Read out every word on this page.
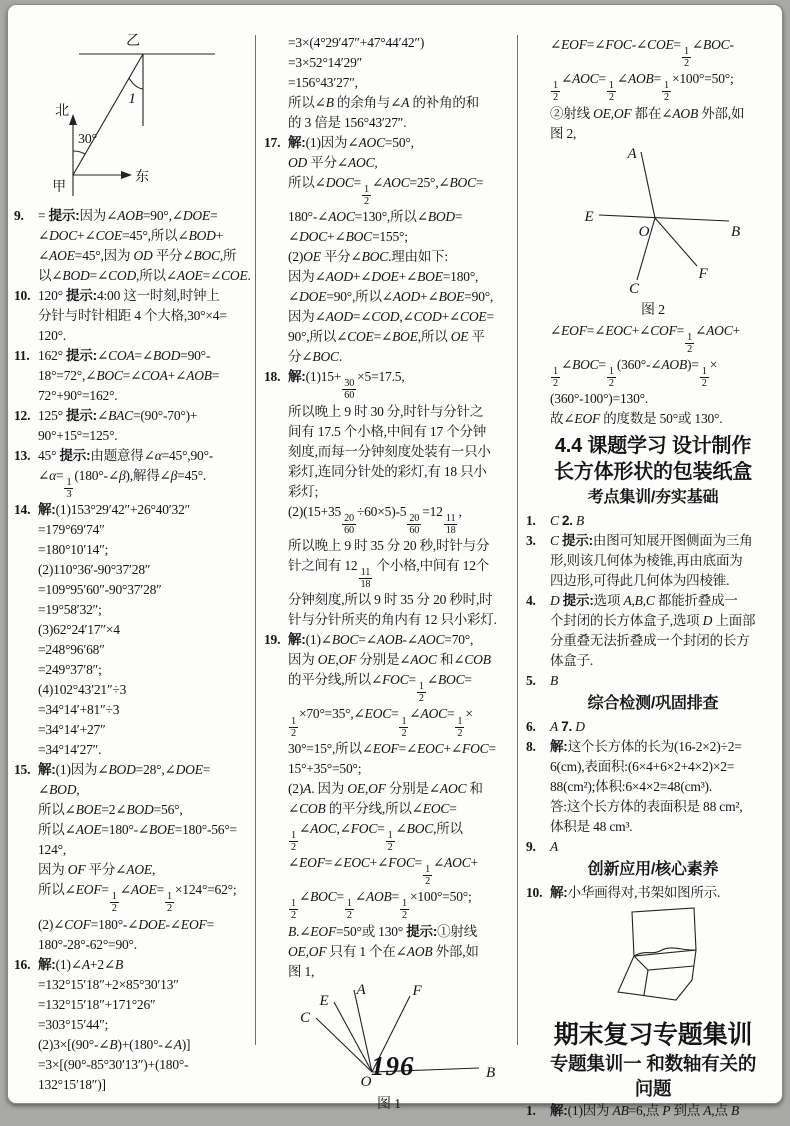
乙
1
北
30°
东
甲
9. = 提示:因为∠AOB=90°,∠DOE=
∠DOC+∠COE=45°,所以∠BOD+
∠AOE=45°,因为 OD 平分∠BOC,所
以∠BOD=∠COD,所以∠AOE=∠COE.
10. 120° 提示:4:00 这一时刻,时钟上
分针与时针相距 4 个大格,30°×4=
120°.
11. 162° 提示:∠COA=∠BOD=90°-
18°=72°,∠BOC=∠COA+∠AOB=
72°+90°=162°.
12. 125° 提示:∠BAC=(90°-70°)+
90°+15°=125°.
13. 45° 提示:由题意得∠α=45°,90°-
∠α=
$\frac{1}{3}$
(180°-∠β),解得∠β=45°.
14. 解:(1)153°29′42″+26°40′32″
=179°69′74″
=180°10′14″;
(2)110°36′-90°37′28″
=109°95′60″-90°37′28″
=19°58′32″;
(3)62°24′17″×4
=248°96′68″
=249°37′8″;
(4)102°43′21″÷3
=34°14′+81″÷3
=34°14′+27″
=34°14′27″.
15. 解:(1)因为∠BOD=28°,∠DOE=
∠BOD,
所以∠BOE=2∠BOD=56°,
所以∠AOE=180°-∠BOE=180°-56°=
124°,
因为 OF 平分∠AOE,
所以∠EOF=
$\frac{1}{2}$
∠AOE=
$\frac{1}{2}$
×124°=62°;
(2)∠COF=180°-∠DOE-∠EOF=
180°-28°-62°=90°.
16. 解:(1)∠A+2∠B
=132°15′18″+2×85°30′13″
=132°15′18″+171°26″
=303°15′44″;
(2)3×[(90°-∠B)+(180°-∠A)]
=3×[(90°-85°30′13″)+(180°-
132°15′18″)]
=3×(4°29′47″+47°44′42″)
=3×52°14′29″
=156°43′27″,
所以∠B 的余角与∠A 的补角的和
的 3 倍是 156°43′27″.
17. 解:(1)因为∠AOC=50°,
OD 平分∠AOC,
所以∠DOC=
$\frac{1}{2}$
∠AOC=25°,∠BOC=
180°-∠AOC=130°,所以∠BOD=
∠DOC+∠BOC=155°;
(2)OE 平分∠BOC.理由如下:
因为∠AOD+∠DOE+∠BOE=180°,
∠DOE=90°,所以∠AOD+∠BOE=90°,
因为∠AOD=∠COD,∠COD+∠COE=
90°,所以∠COE=∠BOE,所以 OE 平
分∠BOC.
18. 解:(1)15+
$\frac{30}{60}$
×5=17.5,
所以晚上 9 时 30 分,时针与分针之
间有 17.5 个小格,中间有 17 个分钟
刻度,而每一分钟刻度处装有一只小
彩灯,连同分针处的彩灯,有 18 只小
彩灯;
(2)(15+35
$\frac{20}{60}$
÷60×5)-5
$\frac{20}{60}$
=12
$\frac{11}{18}$
,
所以晚上 9 时 35 分 20 秒,时针与分
针之间有 12
$\frac{11}{18}$
个小格,中间有 12个
分钟刻度,所以 9 时 35 分 20 秒时,时
针与分针所夹的角内有 12 只小彩灯.
19. 解:(1)∠BOC=∠AOB-∠AOC=70°,
因为 OE,OF 分别是∠AOC 和∠COB
的平分线,所以∠FOC=
$\frac{1}{2}$
∠BOC=
$\frac{1}{2}$
×70°=35°,∠EOC=
$\frac{1}{2}$
∠AOC=
$\frac{1}{2}$
×
30°=15°,所以∠EOF=∠EOC+∠FOC=
15°+35°=50°;
(2)A. 因为 OE,OF 分别是∠AOC 和
∠COB 的平分线,所以∠EOC=
$\frac{1}{2}$
∠AOC,∠FOC=
$\frac{1}{2}$
∠BOC,所以
∠EOF=∠EOC+∠FOC=
$\frac{1}{2}$
∠AOC+
$\frac{1}{2}$
∠BOC=
$\frac{1}{2}$
∠AOB=
$\frac{1}{2}$
×100°=50°;
B.∠EOF=50°或 130° 提示:①射线
OE,OF 只有 1 个在∠AOB 外部,如
图 1,
A
E
C
F
O
B
图 1
∠EOF=∠FOC-∠COE=
$\frac{1}{2}$
∠BOC-
$\frac{1}{2}$
∠AOC=
$\frac{1}{2}$
∠AOB=
$\frac{1}{2}$
×100°=50°;
②射线 OE,OF 都在∠AOB 外部,如
图 2,
A
E
O	B
F
C
图 2
∠EOF=∠EOC+∠COF=
$\frac{1}{2}$
∠AOC+
$\frac{1}{2}$
∠BOC=
$\frac{1}{2}$
(360°-∠AOB)=
$\frac{1}{2}$
×
(360°-100°)=130°.
故∠EOF 的度数是 50°或 130°.
4.4 课题学习 设计制作
长方体形状的包装纸盒
考点集训/夯实基础
1. C 2. B
3. C 提示:由图可知展开图侧面为三角
形,则该几何体为棱锥,再由底面为
四边形,可得此几何体为四棱锥.
4. D 提示:选项 A,B,C 都能折叠成一
个封闭的长方体盒子,选项 D 上面部
分重叠无法折叠成一个封闭的长方
体盒子.
5. B
综合检测/巩固排查
6. A 7. D
8. 解:这个长方体的长为(16-2×2)÷2=
6(cm),表面积:(6×4+6×2+4×2)×2=
88(cm²);体积:6×4×2=48(cm³).
答:这个长方体的表面积是 88 cm²,
体积是 48 cm³.
9. A
创新应用/核心素养
10. 解:小华画得对,书架如图所示.
期末复习专题集训
专题集训一 和数轴有关的
问题
1. 解:(1)因为 AB=6,点 P 到点 A,点 B
196
